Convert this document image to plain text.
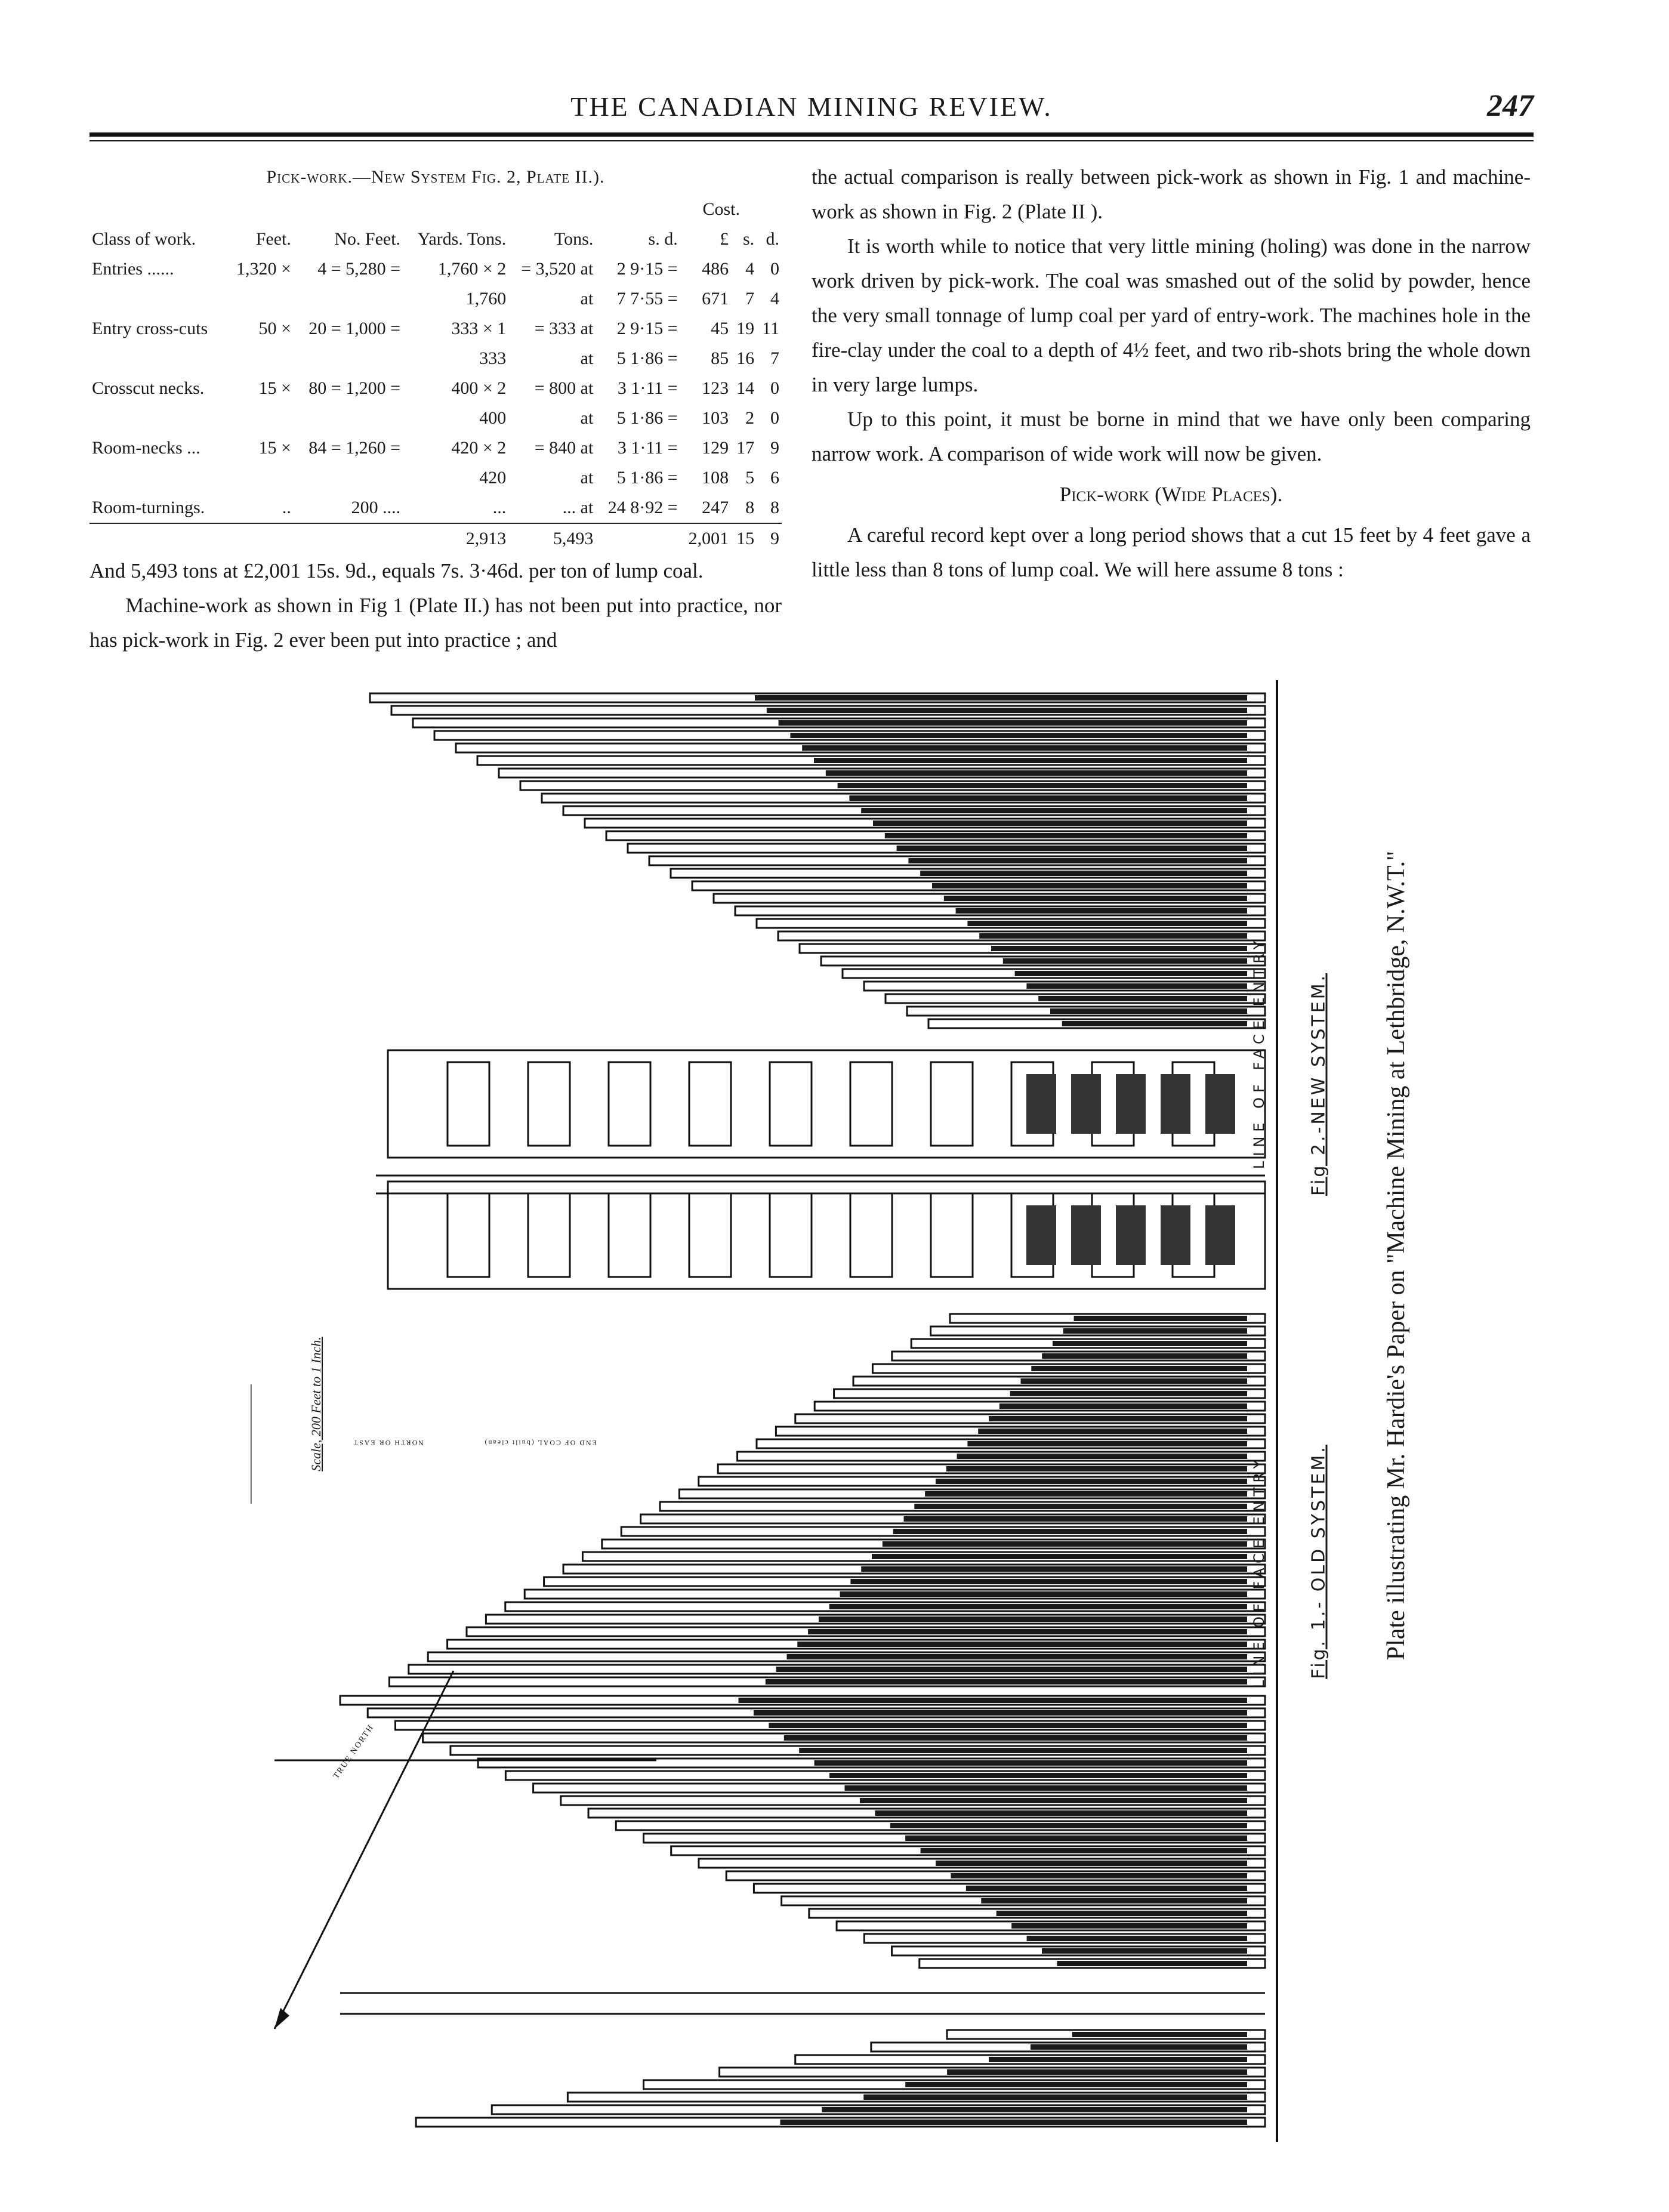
THE CANADIAN MINING REVIEW.	247
Pick-work.—New System Fig. 2, Plate II.).
Cost.								
Class of work.	Feet.	No. Feet.	Yards. Tons.	Tons.	s. d.	£	s.	d.
Entries ......	1,320 ×	4 = 5,280 =	1,760 × 2	= 3,520 at	2 9·15 =	486	4	0
			1,760	at	7 7·55 =	671	7	4
Entry cross-cuts	50 ×	20 = 1,000 =	333 × 1	= 333 at	2 9·15 =	45	19	11
			333	at	5 1·86 =	85	16	7
Crosscut necks.	15 ×	80 = 1,200 =	400 × 2	= 800 at	3 1·11 =	123	14	0
			400	at	5 1·86 =	103	2	0
Room-necks ...	15 ×	84 = 1,260 =	420 × 2	= 840 at	3 1·11 =	129	17	9
			420	at	5 1·86 =	108	5	6
Room-turnings.	..	200 ....	...	... at	24 8·92 =	247	8	8
			2,913	5,493		2,001	15	9

And 5,493 tons at £2,001 15s. 9d., equals 7s. 3·46d. per ton of lump coal.

Machine-work as shown in Fig 1 (Plate II.) has not been put into practice, nor has pick-work in Fig. 2 ever been put into practice ; and

the actual comparison is really between pick-work as shown in Fig. 1 and machine-work as shown in Fig. 2 (Plate II ).

It is worth while to notice that very little mining (holing) was done in the narrow work driven by pick-work. The coal was smashed out of the solid by powder, hence the very small tonnage of lump coal per yard of entry-work. The machines hole in the fire-clay under the coal to a depth of 4½ feet, and two rib-shots bring the whole down in very large lumps.

Up to this point, it must be borne in mind that we have only been comparing narrow work. A comparison of wide work will now be given.

Pick-work (Wide Places).

A careful record kept over a long period shows that a cut 15 feet by 4 feet gave a little less than 8 tons of lump coal. We will here assume 8 tons :

Plate illustrating Mr. Hardie's Paper on "Machine Mining at Lethbridge, N.W.T."
Fig 2.-NEW SYSTEM.
Fig. 1.- OLD SYSTEM.
LINE OF FACE ENTRY
LINE OF FACE ENTRY
Scale, 200 Feet to 1 Inch.
TRUE NORTH
END OF COAL (built clean)
NORTH OR EAST
